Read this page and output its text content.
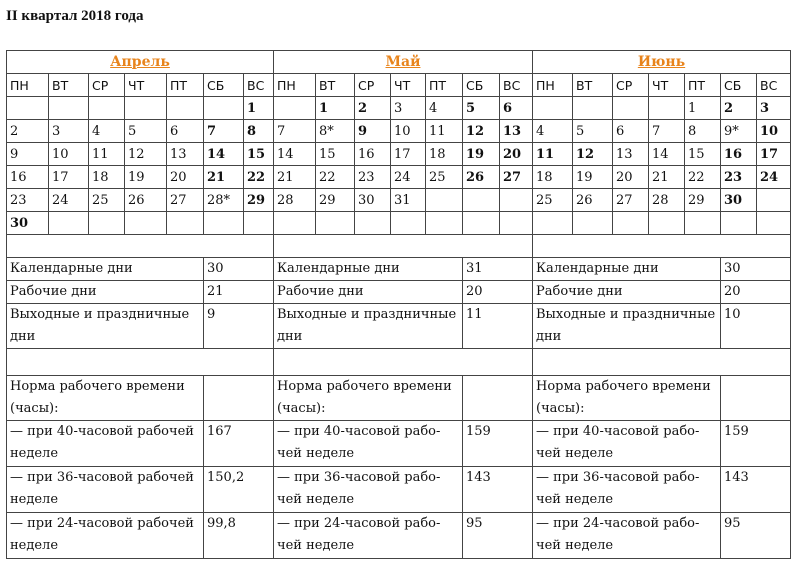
II квартал 2018 года
Апрель							Май							Июнь						
ПН	ВТ	СР	ЧТ	ПТ	СБ	ВС	ПН	ВТ	СР	ЧТ	ПТ	СБ	ВС	ПН	ВТ	СР	ЧТ	ПТ	СБ	ВС
						1		1	2	3	4	5	6					1	2	3
2	3	4	5	6	7	8	7	8*	9	10	11	12	13	4	5	6	7	8	9*	10
9	10	11	12	13	14	15	14	15	16	17	18	19	20	11	12	13	14	15	16	17
16	17	18	19	20	21	22	21	22	23	24	25	26	27	18	19	20	21	22	23	24
23	24	25	26	27	28*	29	28	29	30	31				25	26	27	28	29	30	
30																				

Календарные дни					30		Календарные дни					31		Календарные дни					30	
Рабочие дни					21		Рабочие дни					20		Рабочие дни					20	
Выходные и праздничные дни					9		Выходные и праздничные дни					11		Выходные и праздничные дни					10	

Норма рабочего времени (часы):							Норма рабочего времени (часы):							Норма рабочего времени (часы):						
— при 40-часовой рабочей неделе					167		— при 40-часовой рабочей неделе					159		— при 40-часовой рабочей неделе					159	
— при 36-часовой рабочей неделе					150,2		— при 36-часовой рабочей неделе					143		— при 36-часовой рабочей неделе					143	
— при 24-часовой рабочей неделе					99,8		— при 24-часовой рабочей неделе					95		— при 24-часовой рабочей неделе					95	
